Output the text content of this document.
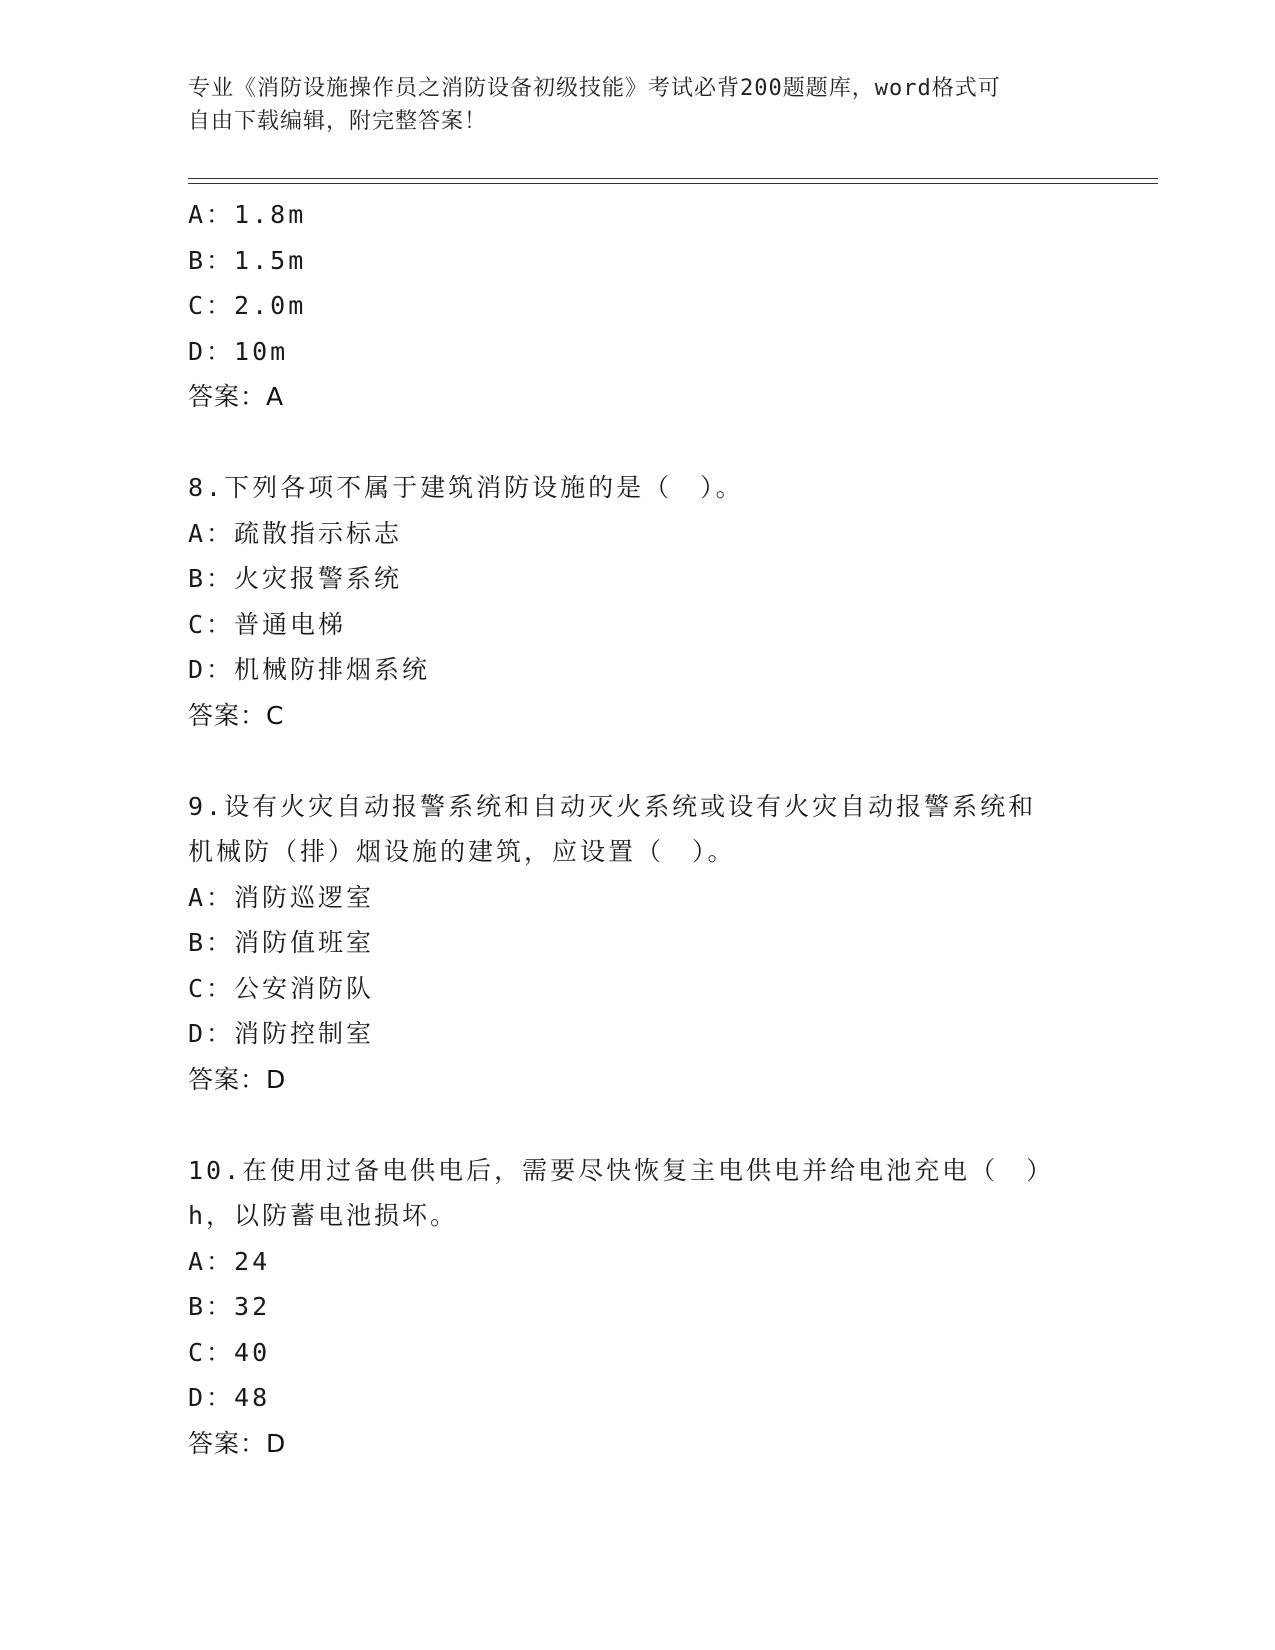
专业《消防设施操作员之消防设备初级技能》考试必背200题题库，word格式可
自由下载编辑，附完整答案！
A：1.8m
B：1.5m
C：2.0m
D：10m
答案：A
8.下列各项不属于建筑消防设施的是（　）。
A：疏散指示标志
B：火灾报警系统
C：普通电梯
D：机械防排烟系统
答案：C
9.设有火灾自动报警系统和自动灭火系统或设有火灾自动报警系统和
机械防（排）烟设施的建筑，应设置（　）。
A：消防巡逻室
B：消防值班室
C：公安消防队
D：消防控制室
答案：D
10.在使用过备电供电后，需要尽快恢复主电供电并给电池充电（　）
h，以防蓄电池损坏。
A：24
B：32
C：40
D：48
答案：D
